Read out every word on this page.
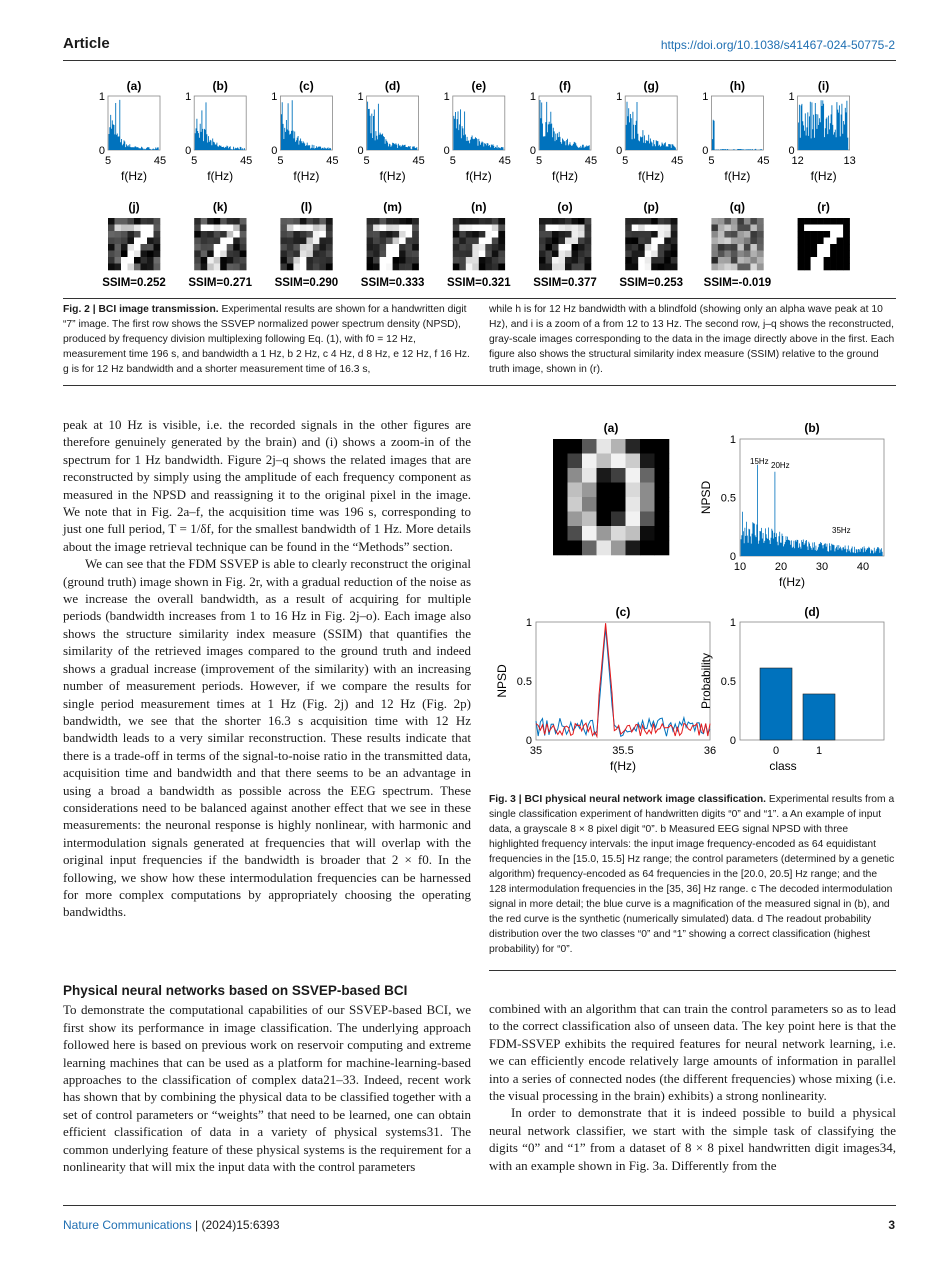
Article	https://doi.org/10.1038/s41467-024-50775-2
(a)
1
0
5	45
f(Hz)
(b)
1
0
5	45
f(Hz)
(c)
1
0
5	45
f(Hz)
(d)
1
0
5	45
f(Hz)
(e)
1
0
5	45
f(Hz)
(f)
1
0
5	45
f(Hz)
(g)
1
0
5	45
f(Hz)
(h)
1
0
5	45
f(Hz)
(i)
1
0
12	13
f(Hz)
(j)
SSIM=0.252
(k)
SSIM=0.271
(l)
SSIM=0.290
(m)
SSIM=0.333
(n)
SSIM=0.321
(o)
SSIM=0.377
(p)
SSIM=0.253
(q)
SSIM=-0.019
(r)
Fig. 2 | BCI image transmission. Experimental results are shown for a handwritten digit “7” image. The first row shows the SSVEP normalized power spectrum density (NPSD), produced by frequency division multiplexing following Eq. (1), with f0 = 12 Hz, measurement time 196 s, and bandwidth a 1 Hz, b 2 Hz, c 4 Hz, d 8 Hz, e 12 Hz, f 16 Hz. g is for 12 Hz bandwidth and a shorter measurement time of 16.3 s,
while h is for 12 Hz bandwidth with a blindfold (showing only an alpha wave peak at 10 Hz), and i is a zoom of a from 12 to 13 Hz. The second row, j–q shows the reconstructed, gray-scale images corresponding to the data in the image directly above in the first. Each figure also shows the structural similarity index measure (SSIM) relative to the ground truth image, shown in (r).

peak at 10 Hz is visible, i.e. the recorded signals in the other figures are therefore genuinely generated by the brain) and (i) shows a zoom-in of the spectrum for 1 Hz bandwidth. Figure 2j–q shows the related images that are reconstructed by simply using the amplitude of each frequency component as measured in the NPSD and reassigning it to the original pixel in the image. We note that in Fig. 2a–f, the acquisition time was 196 s, corresponding to just one full period, T = 1/δf, for the smallest bandwidth of 1 Hz. More details about the image retrieval technique can be found in the “Methods” section.

We can see that the FDM SSVEP is able to clearly reconstruct the original (ground truth) image shown in Fig. 2r, with a gradual reduction of the noise as we increase the overall bandwidth, as a result of acquiring for multiple periods (bandwidth increases from 1 to 16 Hz in Fig. 2j–o). Each image also shows the structure similarity index measure (SSIM) that quantifies the similarity of the retrieved images compared to the ground truth and indeed shows a gradual increase (improvement of the similarity) with an increasing number of measurement periods. However, if we compare the results for single period measurement times at 1 Hz (Fig. 2j) and 12 Hz (Fig. 2p) bandwidth, we see that the shorter 16.3 s acquisition time with 12 Hz bandwidth leads to a very similar reconstruction. These results indicate that there is a trade-off in terms of the signal-to-noise ratio in the transmitted data, acquisition time and bandwidth and that there seems to be an advantage in using a broad a bandwidth as possible across the EEG spectrum. These considerations need to be balanced against another effect that we see in these measurements: the neuronal response is highly nonlinear, with harmonic and intermodulation signals generated at frequencies that will overlap with the original input frequencies if the bandwidth is broader that 2 × f0. In the following, we show how these intermodulation frequencies can be harnessed for more complex computations by appropriately choosing the operating bandwidths.

Physical neural networks based on SSVEP-based BCI

To demonstrate the computational capabilities of our SSVEP-based BCI, we first show its performance in image classification. The underlying approach followed here is based on previous work on reservoir computing and extreme learning machines that can be used as a platform for machine-learning-based approaches to the classification of complex data21–33. Indeed, recent work has shown that by combining the physical data to be classified together with a set of control parameters or “weights” that need to be learned, one can obtain efficient classification of data in a variety of physical systems31. The common underlying feature of these physical systems is the requirement for a nonlinearity that will mix the input data with the control parameters

(a)	(b)
1
0.5
0
10	20	30	40
f(Hz)
NPSD
15Hz 20Hz
35Hz
(c)
1
0.5
0
35	35.5	36
f(Hz)
NPSD
(d)
1
0.5
0
Probability
class
0	1
Fig. 3 | BCI physical neural network image classification. Experimental results from a single classification experiment of handwritten digits “0” and “1”. a An example of input data, a grayscale 8 × 8 pixel digit “0”. b Measured EEG signal NPSD with three highlighted frequency intervals: the input image frequency-encoded as 64 equidistant frequencies in the [15.0, 15.5] Hz range; the control parameters (determined by a genetic algorithm) frequency-encoded as 64 frequencies in the [20.0, 20.5] Hz range; and the 128 intermodulation frequencies in the [35, 36] Hz range. c The decoded intermodulation signal in more detail; the blue curve is a magnification of the measured signal in (b), and the red curve is the synthetic (numerically simulated) data. d The readout probability distribution over the two classes “0” and “1” showing a correct classification (highest probability) for “0”.

combined with an algorithm that can train the control parameters so as to lead to the correct classification also of unseen data. The key point here is that the FDM-SSVEP exhibits the required features for neural network learning, i.e. we can efficiently encode relatively large amounts of information in parallel into a series of connected nodes (the different frequencies) whose mixing (i.e. the visual processing in the brain) exhibits) a strong nonlinearity.

In order to demonstrate that it is indeed possible to build a physical neural network classifier, we start with the simple task of classifying the digits “0” and “1” from a dataset of 8 × 8 pixel handwritten digit images34, with an example shown in Fig. 3a. Differently from the

Nature Communications | (2024)15:6393	3
